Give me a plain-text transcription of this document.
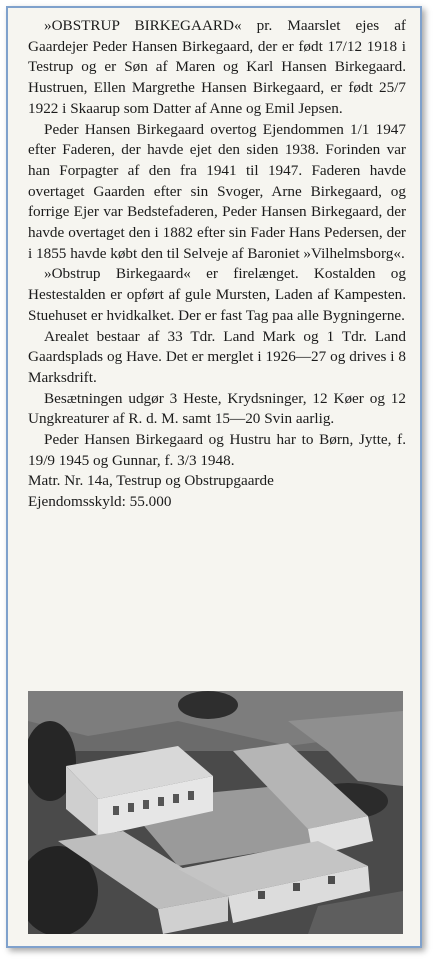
»OBSTRUP BIRKEGAARD« pr. Maarslet ejes af Gaardejer Peder Hansen Birkegaard, der er født 17/12 1918 i Testrup og er Søn af Maren og Karl Hansen Birkegaard. Hustruen, Ellen Margrethe Hansen Birkegaard, er født 25/7 1922 i Skaarup som Datter af Anne og Emil Jepsen.

Peder Hansen Birkegaard overtog Ejendommen 1/1 1947 efter Faderen, der havde ejet den siden 1938. Forinden var han Forpagter af den fra 1941 til 1947. Faderen havde overtaget Gaarden efter sin Svoger, Arne Birkegaard, og forrige Ejer var Bedstefaderen, Peder Hansen Birkegaard, der havde overtaget den i 1882 efter sin Fader Hans Pedersen, der i 1855 havde købt den til Selveje af Baroniet »Vilhelmsborg«.

»Obstrup Birkegaard« er firelænget. Kostalden og Hestestalden er opført af gule Mursten, Laden af Kampesten. Stuehuset er hvidkalket. Der er fast Tag paa alle Bygningerne.

Arealet bestaar af 33 Tdr. Land Mark og 1 Tdr. Land Gaardsplads og Have. Det er merglet i 1926—27 og drives i 8 Marksdrift.

Besætningen udgør 3 Heste, Krydsninger, 12 Køer og 12 Ungkreaturer af R. d. M. samt 15—20 Svin aarlig.

Peder Hansen Birkegaard og Hustru har to Børn, Jytte, f. 19/9 1945 og Gunnar, f. 3/3 1948.

Matr. Nr. 14a, Testrup og Obstrupgaarde

Ejendomsskyld: 55.000
